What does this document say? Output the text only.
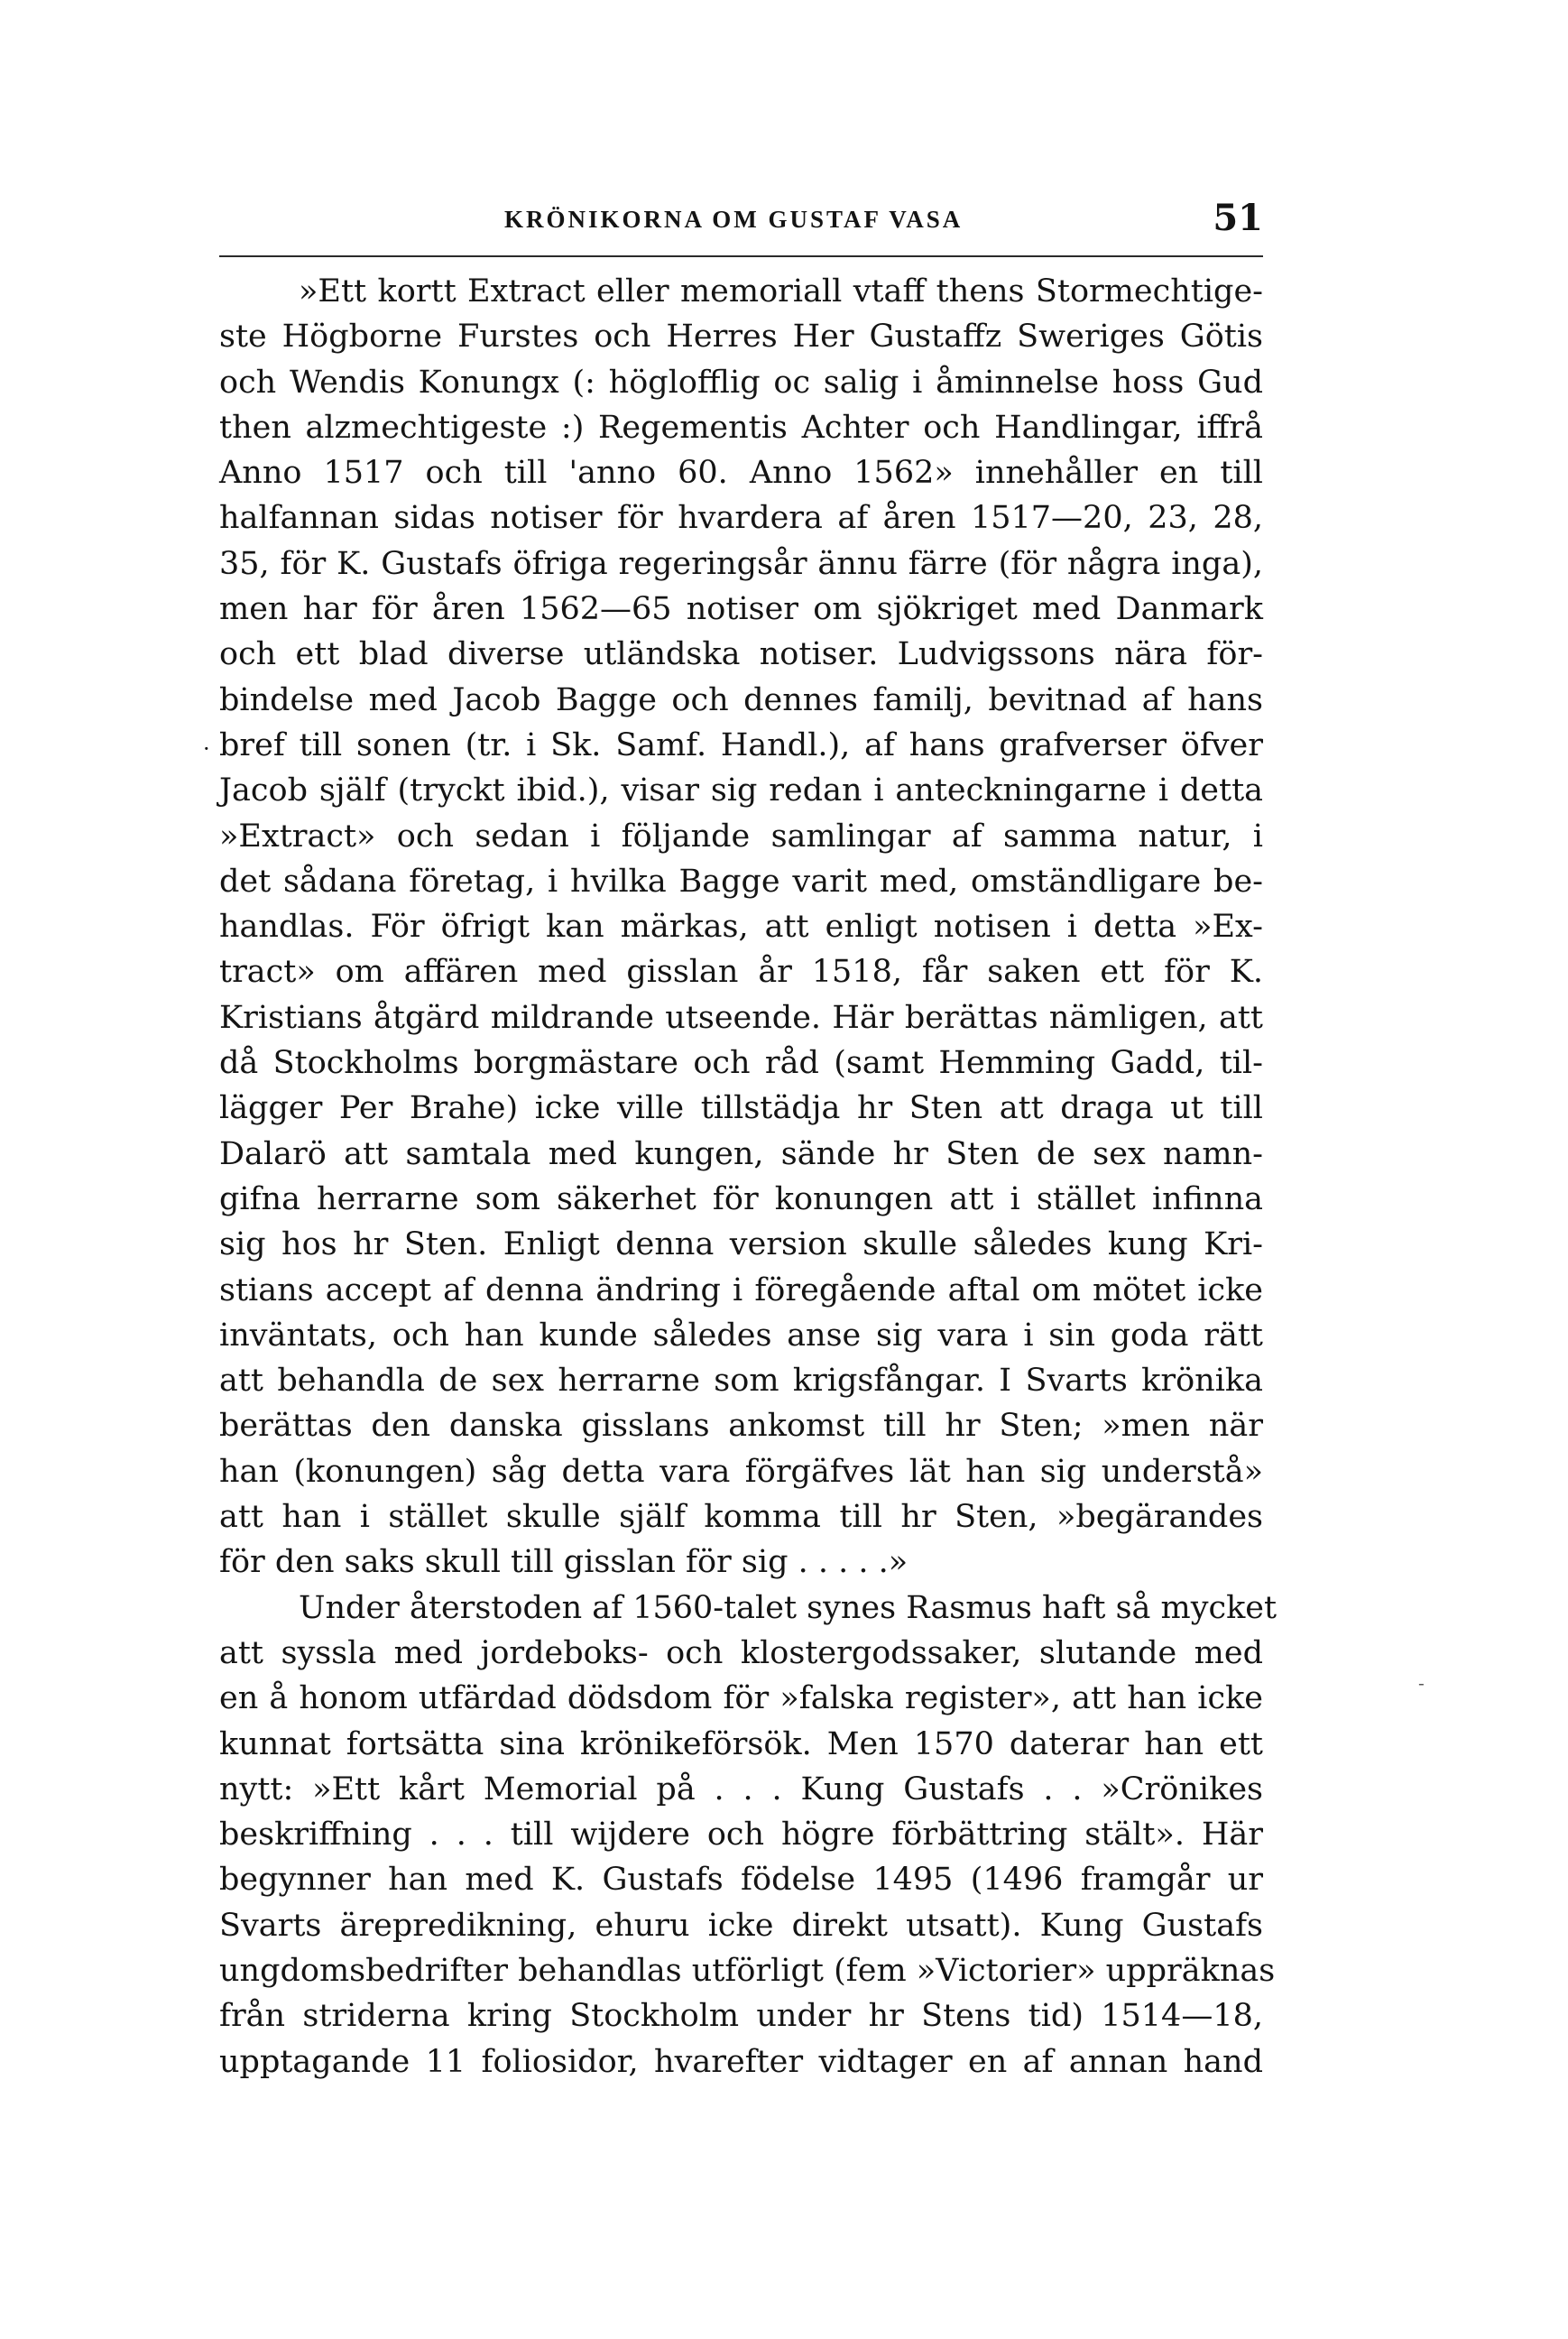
KRÖNIKORNA OM GUSTAF VASA	51
·
-
»Ett kortt Extract eller memoriall vtaff thens Stormechtige-
ste Högborne Furstes och Herres Her Gustaffz Sweriges Götis
och Wendis Konungx (: höglofflig oc salig i åminnelse hoss Gud
then alzmechtigeste :) Regementis Achter och Handlingar, iffrå
Anno 1517 och till 'anno 60. Anno 1562» innehåller en till
halfannan sidas notiser för hvardera af åren 1517—20, 23, 28,
35, för K. Gustafs öfriga regeringsår ännu färre (för några inga),
men har för åren 1562—65 notiser om sjökriget med Danmark
och ett blad diverse utländska notiser. Ludvigssons nära för-
bindelse med Jacob Bagge och dennes familj, bevitnad af hans
bref till sonen (tr. i Sk. Samf. Handl.), af hans grafverser öfver
Jacob själf (tryckt ibid.), visar sig redan i anteckningarne i detta
»Extract» och sedan i följande samlingar af samma natur, i
det sådana företag, i hvilka Bagge varit med, omständligare be-
handlas. För öfrigt kan märkas, att enligt notisen i detta »Ex-
tract» om affären med gisslan år 1518, får saken ett för K.
Kristians åtgärd mildrande utseende. Här berättas nämligen, att
då Stockholms borgmästare och råd (samt Hemming Gadd, til-
lägger Per Brahe) icke ville tillstädja hr Sten att draga ut till
Dalarö att samtala med kungen, sände hr Sten de sex namn-
gifna herrarne som säkerhet för konungen att i stället infinna
sig hos hr Sten. Enligt denna version skulle således kung Kri-
stians accept af denna ändring i föregående aftal om mötet icke
inväntats, och han kunde således anse sig vara i sin goda rätt
att behandla de sex herrarne som krigsfångar. I Svarts krönika
berättas den danska gisslans ankomst till hr Sten; »men när
han (konungen) såg detta vara förgäfves lät han sig understå»
att han i stället skulle själf komma till hr Sten, »begärandes
för den saks skull till gisslan för sig . . . . .»
Under återstoden af 1560-talet synes Rasmus haft så mycket
att syssla med jordeboks- och klostergodssaker, slutande med
en å honom utfärdad dödsdom för »falska register», att han icke
kunnat fortsätta sina krönikeförsök. Men 1570 daterar han ett
nytt: »Ett kårt Memorial på . . . Kung Gustafs . . »Crönikes
beskriffning . . . till wijdere och högre förbättring stält». Här
begynner han med K. Gustafs födelse 1495 (1496 framgår ur
Svarts ärepredikning, ehuru icke direkt utsatt). Kung Gustafs
ungdomsbedrifter behandlas utförligt (fem »Victorier» uppräknas
från striderna kring Stockholm under hr Stens tid) 1514—18,
upptagande 11 foliosidor, hvarefter vidtager en af annan hand
